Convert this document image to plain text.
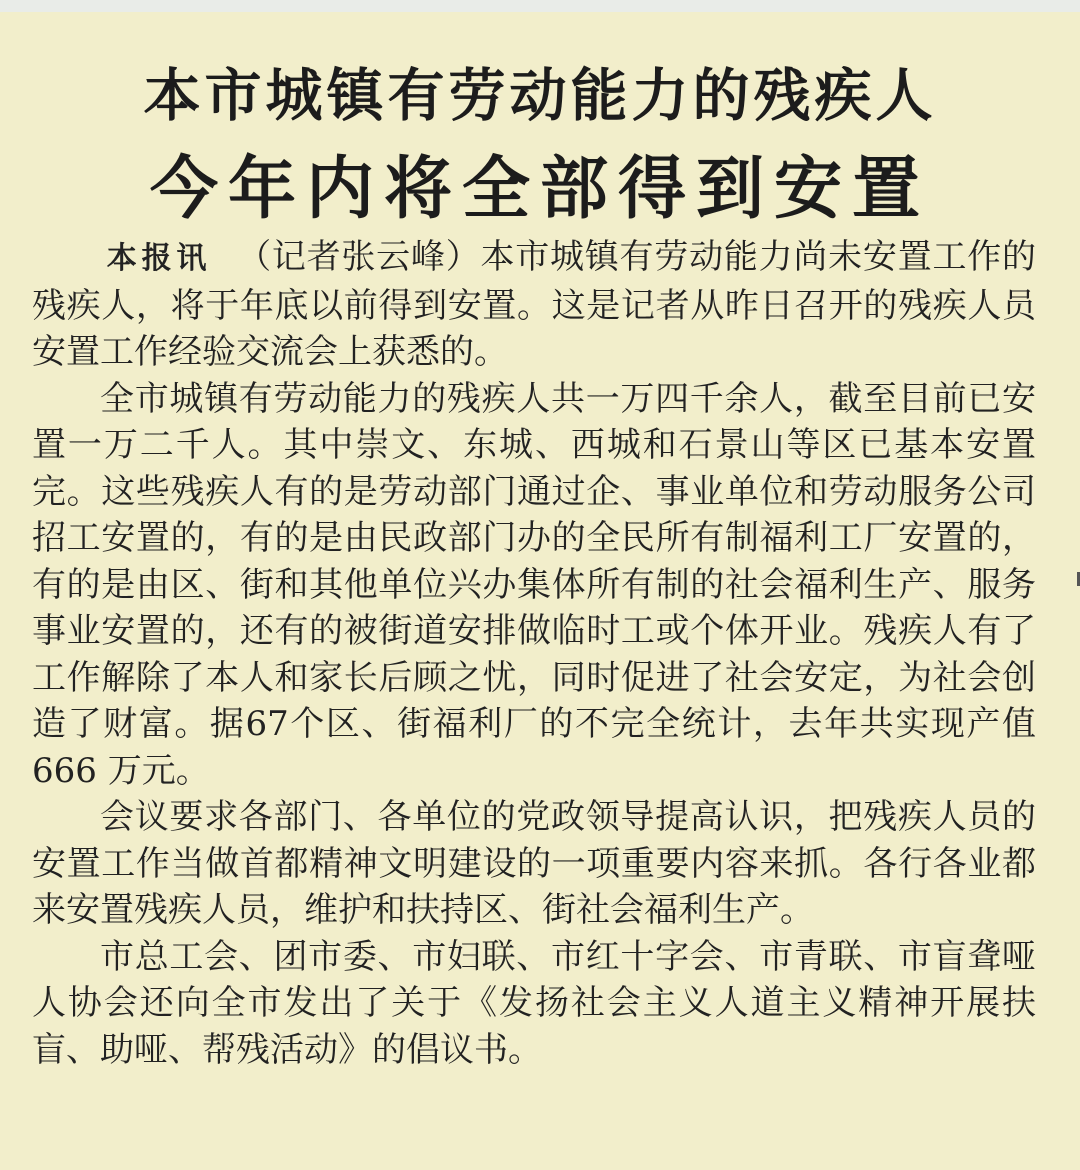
本市城镇有劳动能力的残疾人
今年内将全部得到安置

本报讯 （记者张云峰）本市城镇有劳动能力尚未安置工作的残疾人，将于年底以前得到安置。这是记者从昨日召开的残疾人员安置工作经验交流会上获悉的。

全市城镇有劳动能力的残疾人共一万四千余人，截至目前已安置一万二千人。其中崇文、东城、西城和石景山等区已基本安置完。这些残疾人有的是劳动部门通过企、事业单位和劳动服务公司招工安置的，有的是由民政部门办的全民所有制福利工厂安置的，有的是由区、街和其他单位兴办集体所有制的社会福利生产、服务事业安置的，还有的被街道安排做临时工或个体开业。残疾人有了工作解除了本人和家长后顾之忧，同时促进了社会安定，为社会创造了财富。据67个区、街福利厂的不完全统计，去年共实现产值 666 万元。

会议要求各部门、各单位的党政领导提高认识，把残疾人员的安置工作当做首都精神文明建设的一项重要内容来抓。各行各业都来安置残疾人员，维护和扶持区、街社会福利生产。

市总工会、团市委、市妇联、市红十字会、市青联、市盲聋哑人协会还向全市发出了关于《发扬社会主义人道主义精神开展扶盲、助哑、帮残活动》的倡议书。
